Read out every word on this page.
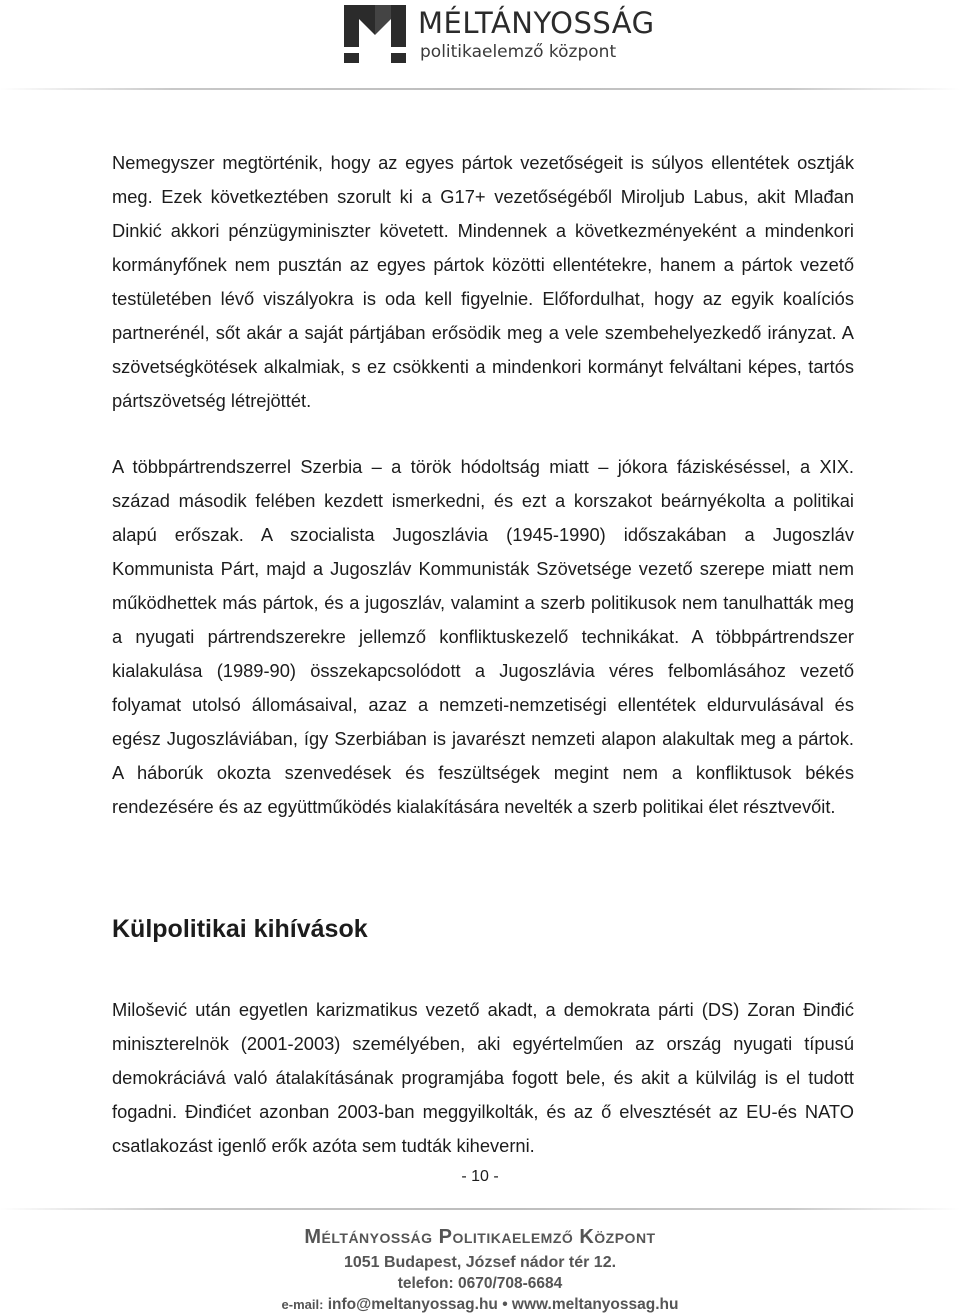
MÉLTÁNYOSSÁG
politikaelemző központ

Nemegyszer megtörténik, hogy az egyes pártok vezetőségeit is súlyos ellentétek osztják meg. Ezek következtében szorult ki a G17+ vezetőségéből Miroljub Labus, akit Mlađan Dinkić akkori pénzügyminiszter követett. Mindennek a következményeként a mindenkori kormányfőnek nem pusztán az egyes pártok közötti ellentétekre, hanem a pártok vezető testületében lévő viszályokra is oda kell figyelnie. Előfordulhat, hogy az egyik koalíciós partnerénél, sőt akár a saját pártjában erősödik meg a vele szembehelyezkedő irányzat. A szövetségkötések alkalmiak, s ez csökkenti a mindenkori kormányt felváltani képes, tartós pártszövetség létrejöttét.

A többpártrendszerrel Szerbia – a török hódoltság miatt – jókora fáziskéséssel, a XIX. század második felében kezdett ismerkedni, és ezt a korszakot beárnyékolta a politikai alapú erőszak. A szocialista Jugoszlávia (1945-1990) időszakában a Jugoszláv Kommunista Párt, majd a Jugoszláv Kommunisták Szövetsége vezető szerepe miatt nem működhettek más pártok, és a jugoszláv, valamint a szerb politikusok nem tanulhatták meg a nyugati pártrendszerekre jellemző konfliktuskezelő technikákat. A többpártrendszer kialakulása (1989-90) összekapcsolódott a Jugoszlávia véres felbomlásához vezető folyamat utolsó állomásaival, azaz a nemzeti-nemzetiségi ellentétek eldurvulásával és egész Jugoszláviában, így Szerbiában is javarészt nemzeti alapon alakultak meg a pártok. A háborúk okozta szenvedések és feszültségek megint nem a konfliktusok békés rendezésére és az együttműködés kialakítására nevelték a szerb politikai élet résztvevőit.

Külpolitikai kihívások

Milošević után egyetlen karizmatikus vezető akadt, a demokrata párti (DS) Zoran Đinđić miniszterelnök (2001-2003) személyében, aki egyértelműen az ország nyugati típusú demokráciává való átalakításának programjába fogott bele, és akit a külvilág is el tudott fogadni. Đinđićet azonban 2003-ban meggyilkolták, és az ő elvesztését az EU-és NATO csatlakozást igenlő erők azóta sem tudták kiheverni.

- 10 -
Méltányosság Politikaelemző Központ
1051 Budapest, József nádor tér 12.
telefon: 0670/708-6684
e-mail: info@meltanyossag.hu • www.meltanyossag.hu
